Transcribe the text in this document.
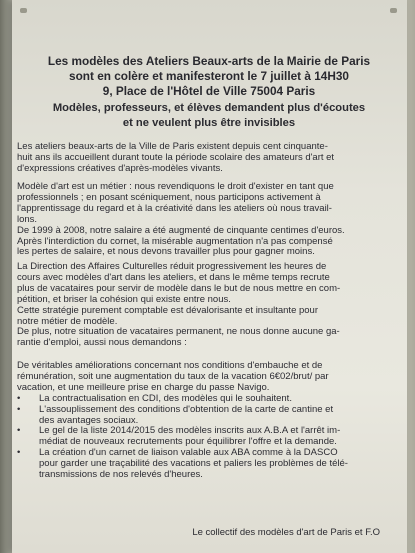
Les modèles des Ateliers Beaux-arts de la Mairie de Paris
sont en colère et manifesteront le 7 juillet à 14H30
9, Place de l'Hôtel de Ville 75004 Paris
Modèles, professeurs, et élèves demandent plus d'écoutes
et ne veulent plus être invisibles

Les ateliers beaux-arts de la Ville de Paris existent depuis cent cinquante-

huit ans ils accueillent durant toute la période scolaire des amateurs d'art et

d'expressions créatives d'après-modèles vivants.

Modèle d'art est un métier : nous revendiquons le droit d'exister en tant que

professionnels ; en posant scéniquement, nous participons activement à

l'apprentissage du regard et à la créativité dans les ateliers où nous travail-

lons.

De 1999 à 2008, notre salaire a été augmenté de cinquante centimes d'euros.

Après l'interdiction du cornet, la misérable augmentation n'a pas compensé

les pertes de salaire, et nous devons travailler plus pour gagner moins.

La Direction des Affaires Culturelles réduit progressivement les heures de

cours avec modèles d'art dans les ateliers, et dans le même temps recrute

plus de vacataires pour servir de modèle dans le but de nous mettre en com-

pétition, et briser la cohésion qui existe entre nous.

Cette stratégie purement comptable est dévalorisante et insultante pour

notre métier de modèle.

De plus, notre situation de vacataires permanent, ne nous donne aucune ga-

rantie d'emploi, aussi nous demandons :

De véritables améliorations concernant nos conditions d'embauche et de

rémunération, soit une augmentation du taux de la vacation 6€02/brut/ par

vacation, et une meilleure prise en charge du passe Navigo.

•	La contractualisation en CDI, des modèles qui le souhaitent.
•	L'assouplissement des conditions d'obtention de la carte de cantine et
des avantages sociaux.
•	Le gel de la liste 2014/2015 des modèles inscrits aux A.B.A et l'arrêt im-
médiat de nouveaux recrutements pour équilibrer l'offre et la demande.
•	La création d'un carnet de liaison valable aux ABA comme à la DASCO
pour garder une traçabilité des vacations et paliers les problèmes de télé-
transmissions de nos relevés d'heures.
Le collectif des modèles d'art de Paris et F.O
